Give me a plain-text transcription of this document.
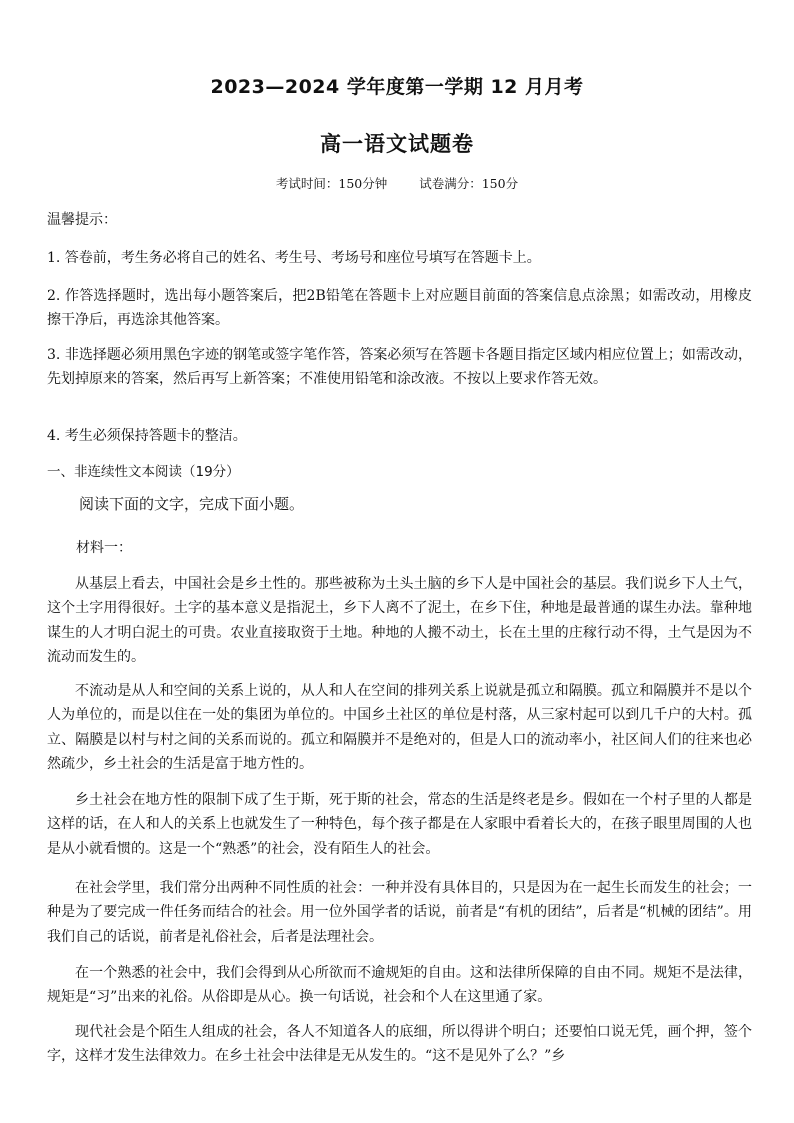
2023—2024 学年度第一学期 12 月月考
高一语文试题卷
考试时间：150分钟	试卷满分：150分
温馨提示：
1. 答卷前，考生务必将自己的姓名、考生号、考场号和座位号填写在答题卡上。
2. 作答选择题时，选出每小题答案后，把2B铅笔在答题卡上对应题目前面的答案信息点涂黑；如需改动，用橡皮擦干净后，再选涂其他答案。
3. 非选择题必须用黑色字迹的钢笔或签字笔作答，答案必须写在答题卡各题目指定区域内相应位置上；如需改动，先划掉原来的答案，然后再写上新答案；不准使用铅笔和涂改液。不按以上要求作答无效。
4. 考生必须保持答题卡的整洁。
一、非连续性文本阅读（19分）
阅读下面的文字，完成下面小题。
材料一：
从基层上看去，中国社会是乡土性的。那些被称为土头土脑的乡下人是中国社会的基层。我们说乡下人土气，这个土字用得很好。土字的基本意义是指泥土，乡下人离不了泥土，在乡下住，种地是最普通的谋生办法。靠种地谋生的人才明白泥土的可贵。农业直接取资于土地。种地的人搬不动土，长在土里的庄稼行动不得，土气是因为不流动而发生的。
不流动是从人和空间的关系上说的，从人和人在空间的排列关系上说就是孤立和隔膜。孤立和隔膜并不是以个人为单位的，而是以住在一处的集团为单位的。中国乡土社区的单位是村落，从三家村起可以到几千户的大村。孤立、隔膜是以村与村之间的关系而说的。孤立和隔膜并不是绝对的，但是人口的流动率小，社区间人们的往来也必然疏少，乡土社会的生活是富于地方性的。
乡土社会在地方性的限制下成了生于斯，死于斯的社会，常态的生活是终老是乡。假如在一个村子里的人都是这样的话，在人和人的关系上也就发生了一种特色，每个孩子都是在人家眼中看着长大的，在孩子眼里周围的人也是从小就看惯的。这是一个“熟悉”的社会，没有陌生人的社会。
在社会学里，我们常分出两种不同性质的社会：一种并没有具体目的，只是因为在一起生长而发生的社会；一种是为了要完成一件任务而结合的社会。用一位外国学者的话说，前者是“有机的团结”，后者是“机械的团结”。用我们自己的话说，前者是礼俗社会，后者是法理社会。
在一个熟悉的社会中，我们会得到从心所欲而不逾规矩的自由。这和法律所保障的自由不同。规矩不是法律，规矩是“习”出来的礼俗。从俗即是从心。换一句话说，社会和个人在这里通了家。
现代社会是个陌生人组成的社会，各人不知道各人的底细，所以得讲个明白；还要怕口说无凭，画个押，签个字，这样才发生法律效力。在乡土社会中法律是无从发生的。“这不是见外了么？”乡
